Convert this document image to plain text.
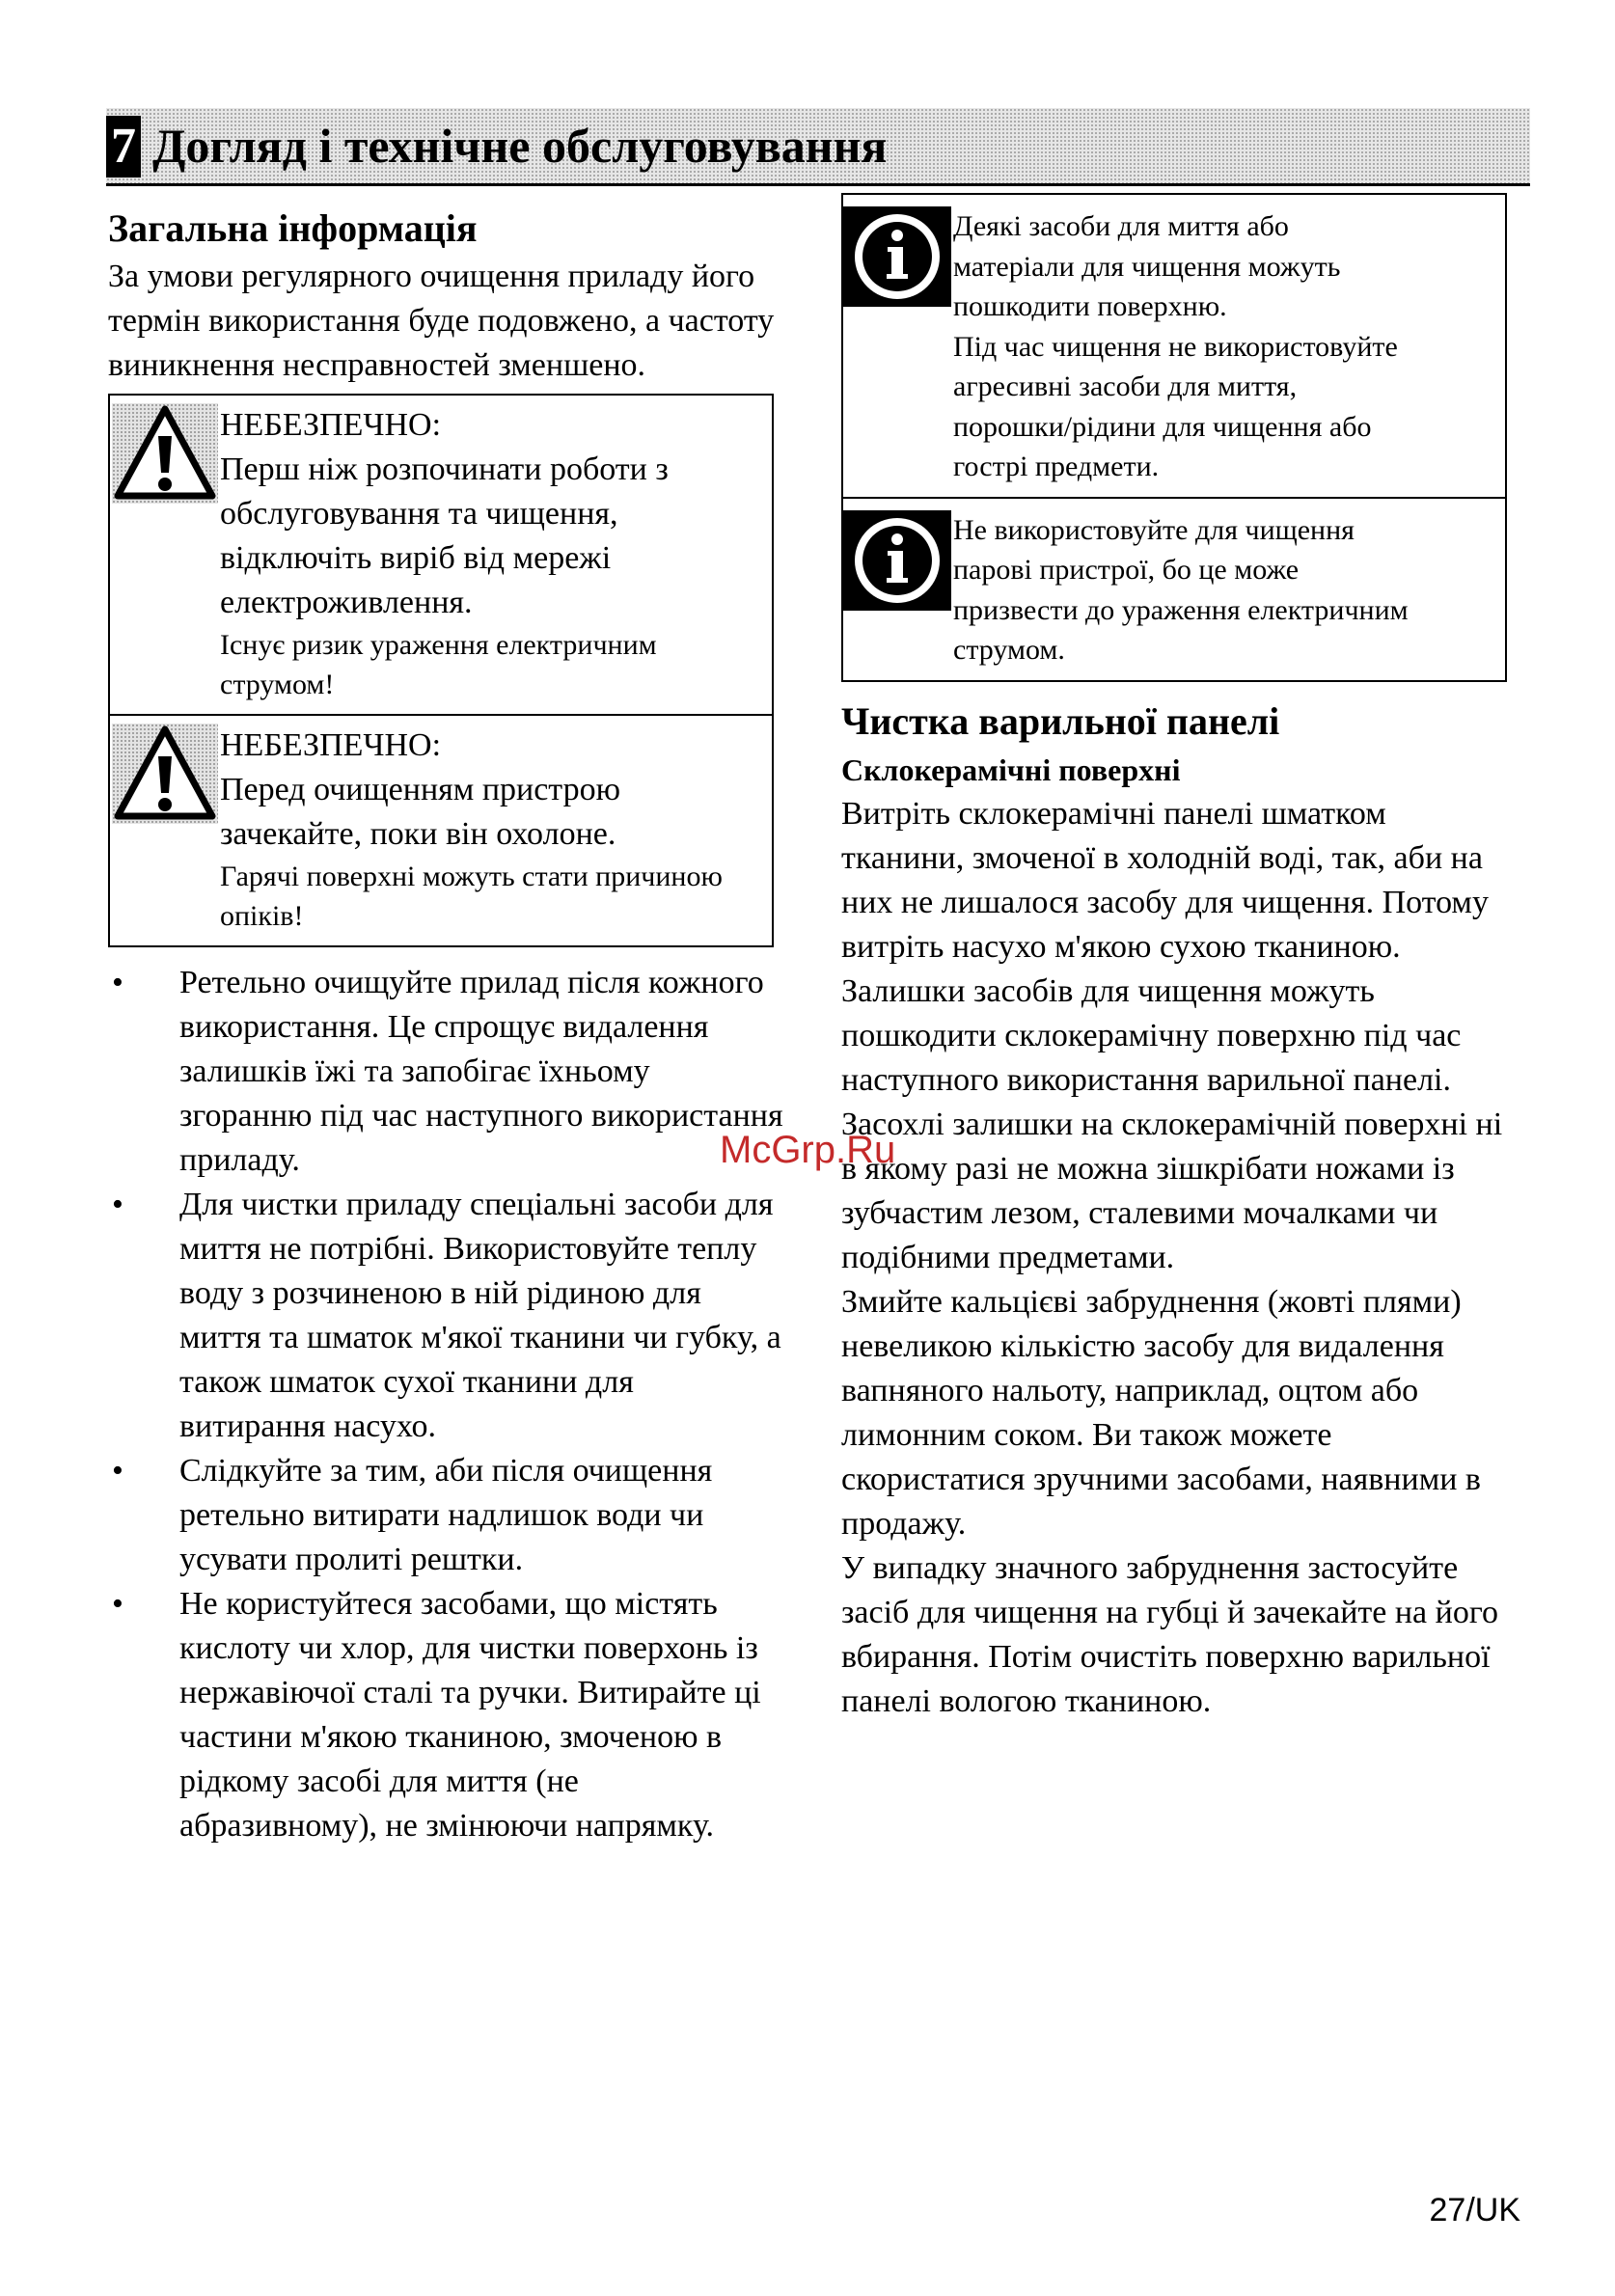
7 Догляд і технічне обслуговування
Загальна інформація

За умови регулярного очищення приладу його термін використання буде подовжено, а частоту виникнення несправностей зменшено.

НЕБЕЗПЕЧНО:
Перш ніж розпочинати роботи з обслуговування та чищення, відключіть виріб від мережі електроживлення.
Існує ризик ураження електричним струмом!
НЕБЕЗПЕЧНО:
Перед очищенням пристрою зачекайте, поки він охолоне.
Гарячі поверхні можуть стати причиною опіків!
• Ретельно очищуйте прилад після кожного використання. Це спрощує видалення залишків їжі та запобігає їхньому згоранню під час наступного використання приладу.
• Для чистки приладу спеціальні засоби для миття не потрібні. Використовуйте теплу воду з розчиненою в ній рідиною для миття та шматок м'якої тканини чи губку, а також шматок сухої тканини для витирання насухо.
• Слідкуйте за тим, аби після очищення ретельно витирати надлишок води чи усувати пролиті рештки.
• Не користуйтеся засобами, що містять кислоту чи хлор, для чистки поверхонь із нержавіючої сталі та ручки. Витирайте ці частини м'якою тканиною, змоченою в рідкому засобі для миття (не абразивному), не змінюючи напрямку.

Деякі засоби для миття або

матеріали для чищення можуть

пошкодити поверхню.

Під час чищення не використовуйте

агресивні засоби для миття,

порошки/рідини для чищення або

гострі предмети.

Не використовуйте для чищення

парові пристрої, бо це може

призвести до ураження електричним

струмом.

Чистка варильної панелі
Склокерамічні поверхні

Витріть склокерамічні панелі шматком тканини, змоченої в холодній воді, так, аби на них не лишалося засобу для чищення. Потому витріть насухо м'якою сухою тканиною. Залишки засобів для чищення можуть пошкодити склокерамічну поверхню під час наступного використання варильної панелі.

Засохлі залишки на склокерамічній поверхні ні в якому разі не можна зішкрібати ножами із зубчастим лезом, сталевими мочалками чи подібними предметами.

Змийте кальцієві забруднення (жовті плями) невеликою кількістю засобу для видалення вапняного нальоту, наприклад, оцтом або лимонним соком. Ви також можете скористатися зручними засобами, наявними в продажу.

У випадку значного забруднення застосуйте засіб для чищення на губці й зачекайте на його вбирання. Потім очистіть поверхню варильної панелі вологою тканиною.

McGrp.Ru
27/UK
